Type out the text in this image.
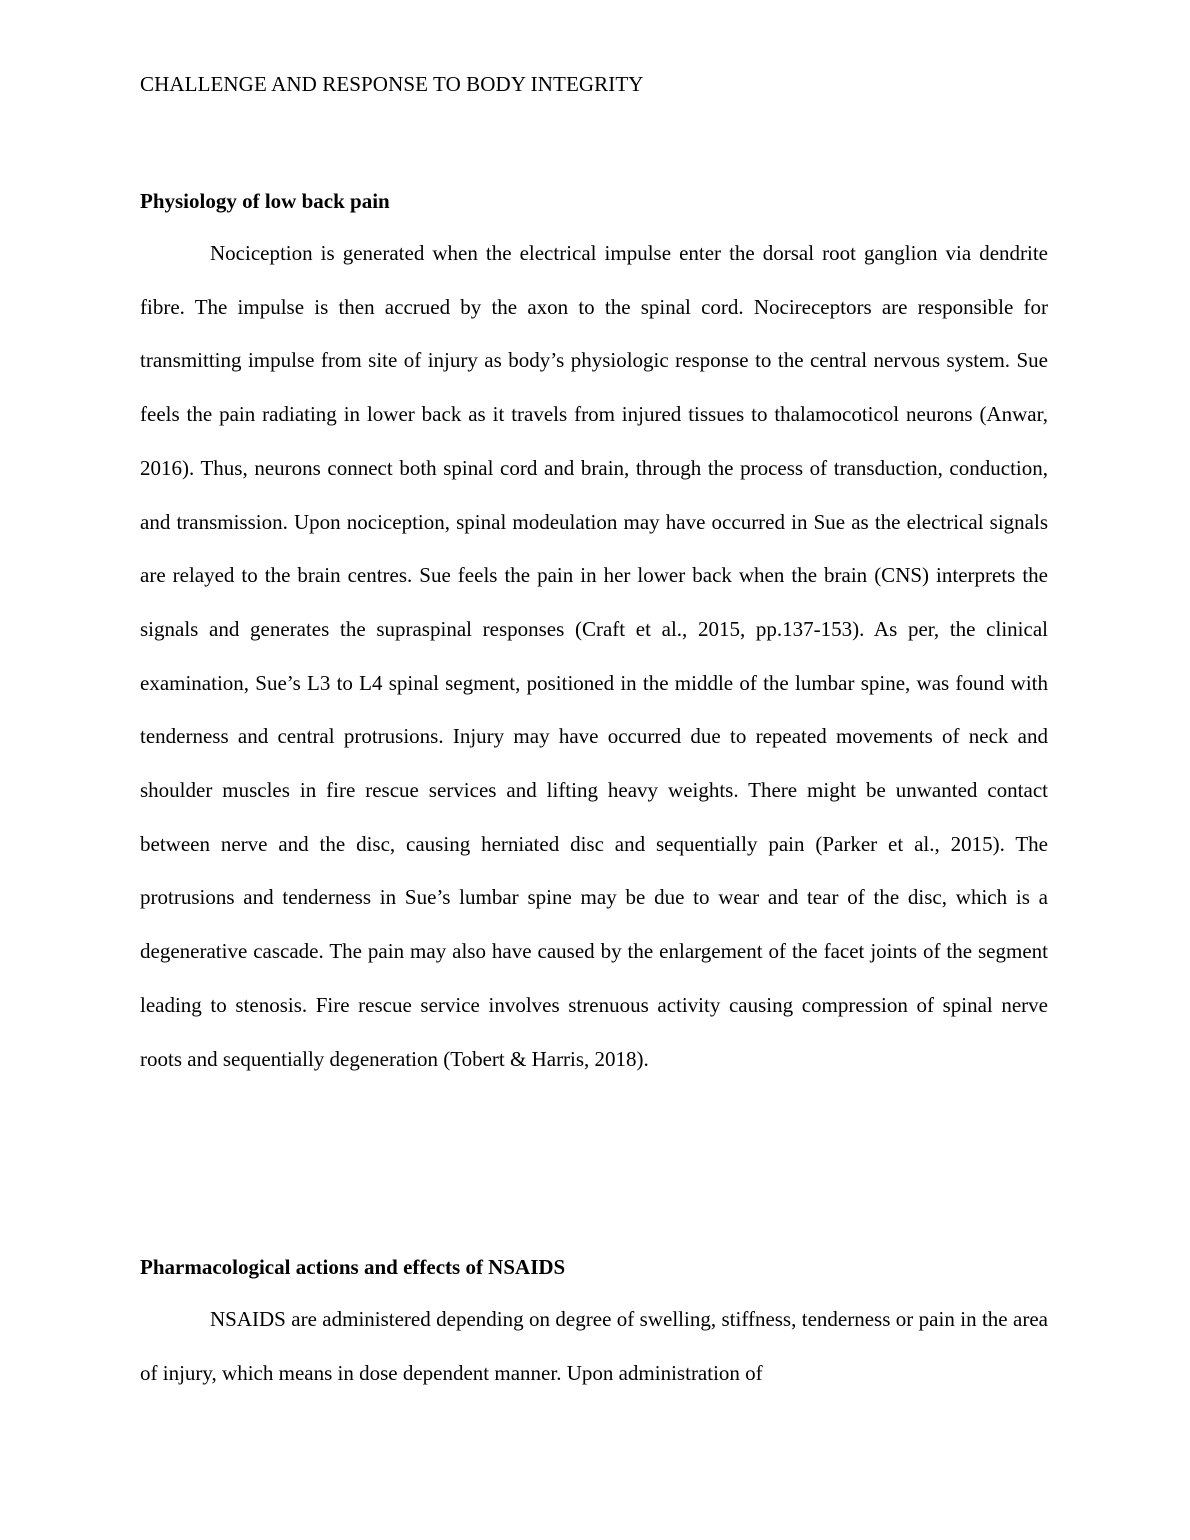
CHALLENGE AND RESPONSE TO BODY INTEGRITY
Physiology of low back pain

Nociception is generated when the electrical impulse enter the dorsal root ganglion via dendrite fibre. The impulse is then accrued by the axon to the spinal cord. Nocireceptors are responsible for transmitting impulse from site of injury as body’s physiologic response to the central nervous system. Sue feels the pain radiating in lower back as it travels from injured tissues to thalamocoticol neurons (Anwar, 2016). Thus, neurons connect both spinal cord and brain, through the process of transduction, conduction, and transmission. Upon nociception, spinal modeulation may have occurred in Sue as the electrical signals are relayed to the brain centres. Sue feels the pain in her lower back when the brain (CNS) interprets the signals and generates the supraspinal responses (Craft et al., 2015, pp.137-153). As per, the clinical examination, Sue’s L3 to L4 spinal segment, positioned in the middle of the lumbar spine, was found with tenderness and central protrusions. Injury may have occurred due to repeated movements of neck and shoulder muscles in fire rescue services and lifting heavy weights. There might be unwanted contact between nerve and the disc, causing herniated disc and sequentially pain (Parker et al., 2015). The protrusions and tenderness in Sue’s lumbar spine may be due to wear and tear of the disc, which is a degenerative cascade. The pain may also have caused by the enlargement of the facet joints of the segment leading to stenosis. Fire rescue service involves strenuous activity causing compression of spinal nerve roots and sequentially degeneration (Tobert & Harris, 2018).

Pharmacological actions and effects of NSAIDS

NSAIDS are administered depending on degree of swelling, stiffness, tenderness or pain in the area of injury, which means in dose dependent manner. Upon administration of
